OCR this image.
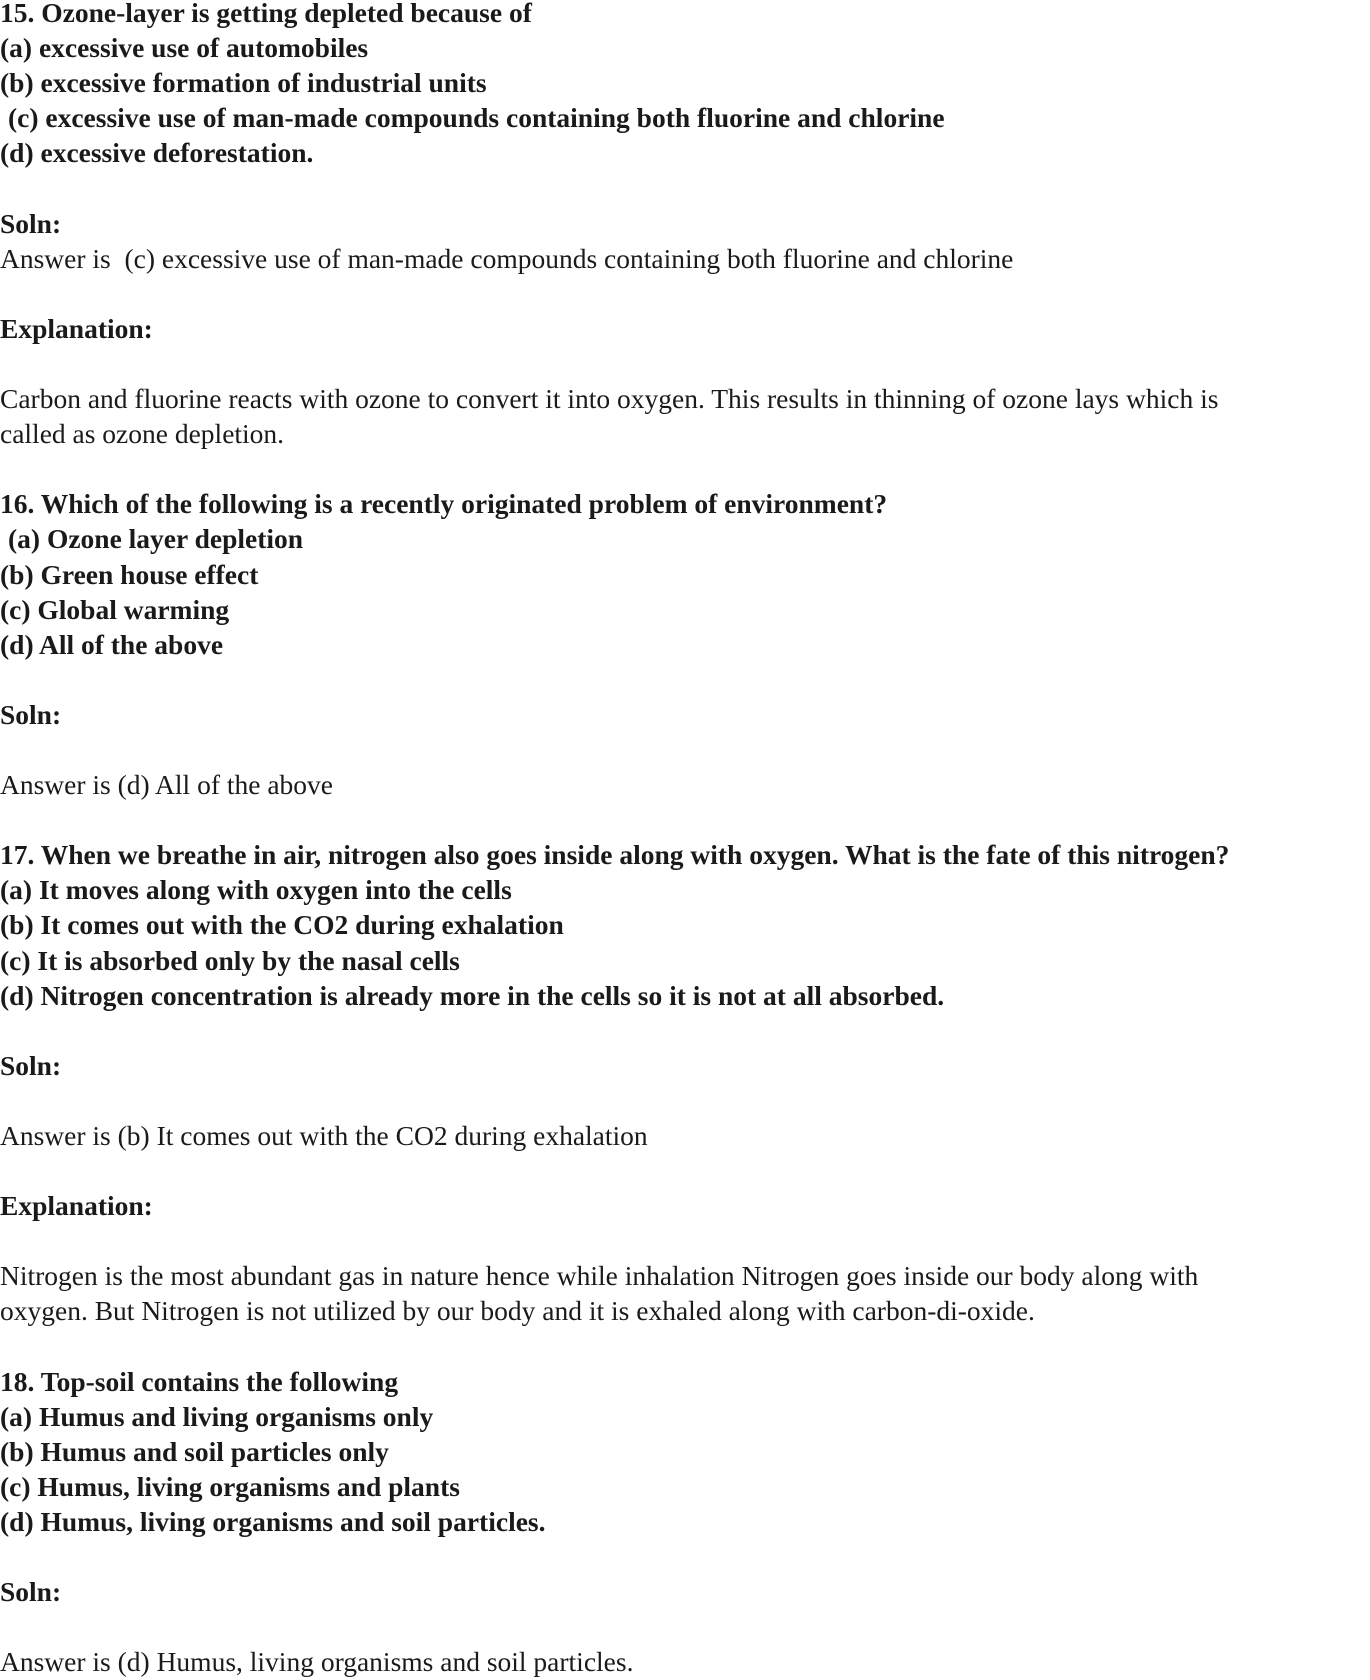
15. Ozone-layer is getting depleted because of
(a) excessive use of automobiles
(b) excessive formation of industrial units
(c) excessive use of man-made compounds containing both fluorine and chlorine
(d) excessive deforestation.
Soln:
Answer is  (c) excessive use of man-made compounds containing both fluorine and chlorine
Explanation:
Carbon and fluorine reacts with ozone to convert it into oxygen. This results in thinning of ozone lays which is
called as ozone depletion.
16. Which of the following is a recently originated problem of environment?
(a) Ozone layer depletion
(b) Green house effect
(c) Global warming
(d) All of the above
Soln:
Answer is (d) All of the above
17. When we breathe in air, nitrogen also goes inside along with oxygen. What is the fate of this nitrogen?
(a) It moves along with oxygen into the cells
(b) It comes out with the CO2 during exhalation
(c) It is absorbed only by the nasal cells
(d) Nitrogen concentration is already more in the cells so it is not at all absorbed.
Soln:
Answer is (b) It comes out with the CO2 during exhalation
Explanation:
Nitrogen is the most abundant gas in nature hence while inhalation Nitrogen goes inside our body along with
oxygen. But Nitrogen is not utilized by our body and it is exhaled along with carbon-di-oxide.
18. Top-soil contains the following
(a) Humus and living organisms only
(b) Humus and soil particles only
(c) Humus, living organisms and plants
(d) Humus, living organisms and soil particles.
Soln:
Answer is (d) Humus, living organisms and soil particles.
